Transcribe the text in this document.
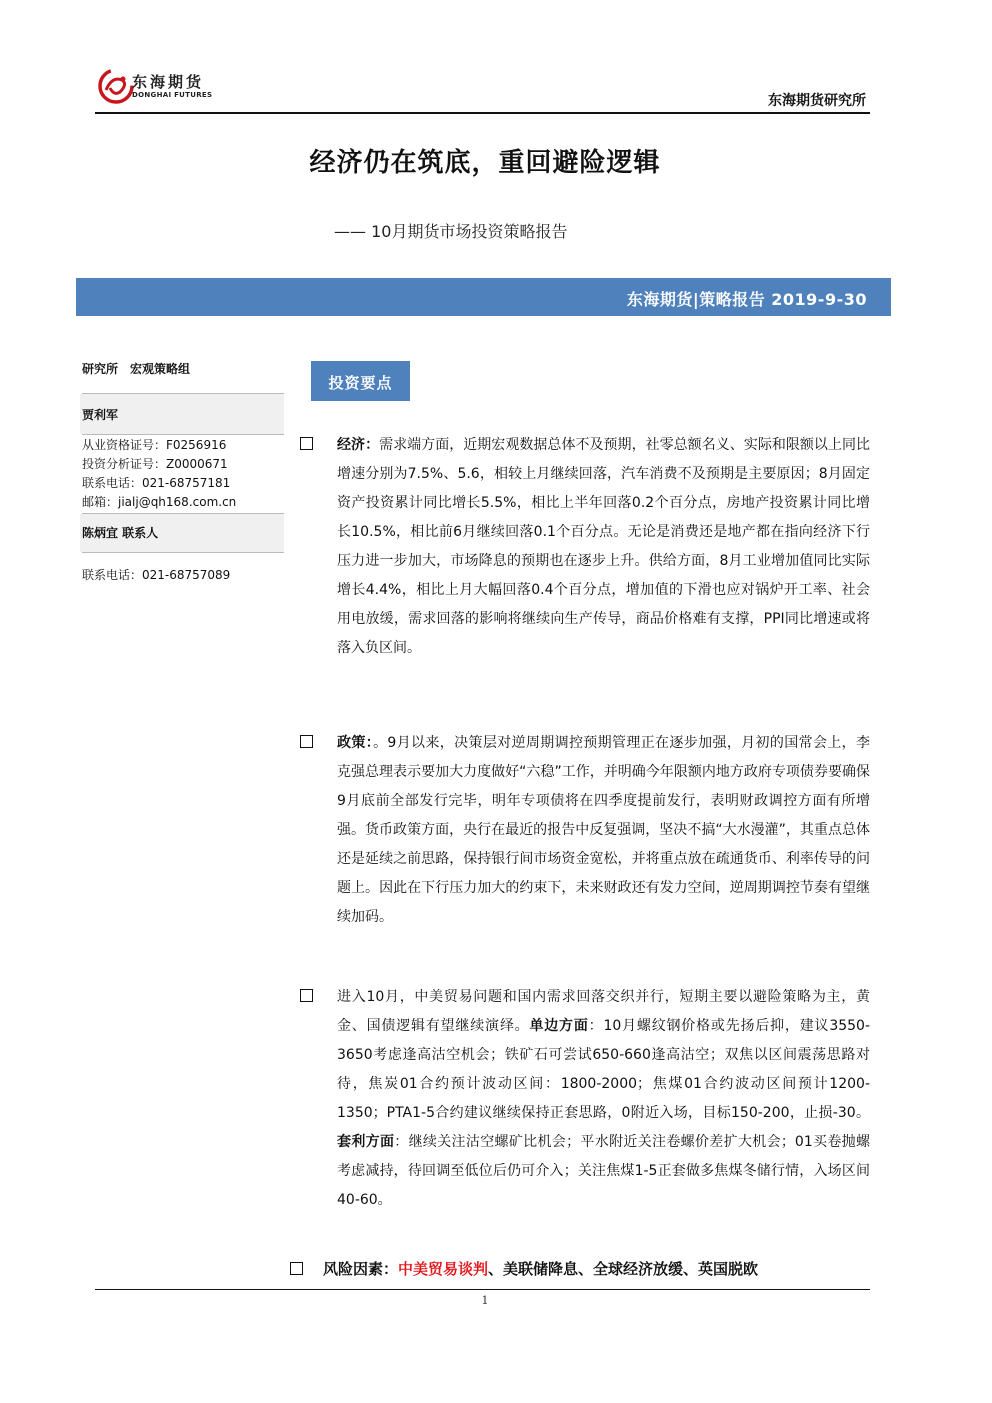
东海期货
DONGHAI FUTURES	东海期货研究所
经济仍在筑底，重回避险逻辑
—— 10月期货市场投资策略报告
东海期货|策略报告 2019-9-30
研究所　宏观策略组
贾利军
从业资格证号：F0256916
投资分析证号：Z0000671
联系电话：021-68757181
邮箱：jialj@qh168.com.cn
陈炳宜 联系人
联系电话：021-68757089
投资要点
经济：需求端方面，近期宏观数据总体不及预期，社零总额名义、实际和限额以上同比增速分别为7.5%、5.6，相较上月继续回落，汽车消费不及预期是主要原因；8月固定资产投资累计同比增长5.5%，相比上半年回落0.2个百分点，房地产投资累计同比增长10.5%，相比前6月继续回落0.1个百分点。无论是消费还是地产都在指向经济下行压力进一步加大，市场降息的预期也在逐步上升。供给方面，8月工业增加值同比实际增长4.4%，相比上月大幅回落0.4个百分点，增加值的下滑也应对锅炉开工率、社会用电放缓，需求回落的影响将继续向生产传导，商品价格难有支撑，PPI同比增速或将落入负区间。
政策：。9月以来，决策层对逆周期调控预期管理正在逐步加强，月初的国常会上，李克强总理表示要加大力度做好“六稳”工作，并明确今年限额内地方政府专项债券要确保9月底前全部发行完毕，明年专项债将在四季度提前发行，表明财政调控方面有所增强。货币政策方面，央行在最近的报告中反复强调，坚决不搞“大水漫灌”，其重点总体还是延续之前思路，保持银行间市场资金宽松，并将重点放在疏通货币、利率传导的问题上。因此在下行压力加大的约束下，未来财政还有发力空间，逆周期调控节奏有望继续加码。
进入10月，中美贸易问题和国内需求回落交织并行，短期主要以避险策略为主，黄金、国债逻辑有望继续演绎。单边方面：10月螺纹钢价格或先扬后抑，建议3550-3650考虑逢高沽空机会；铁矿石可尝试650-660逢高沽空；双焦以区间震荡思路对待，焦炭01合约预计波动区间：1800-2000；焦煤01合约波动区间预计1200-1350；PTA1-5合约建议继续保持正套思路，0附近入场，目标150-200，止损-30。套利方面：继续关注沽空螺矿比机会；平水附近关注卷螺价差扩大机会；01买卷抛螺考虑减持，待回调至低位后仍可介入；关注焦煤1-5正套做多焦煤冬储行情，入场区间40-60。
风险因素：中美贸易谈判、美联储降息、全球经济放缓、英国脱欧
1
